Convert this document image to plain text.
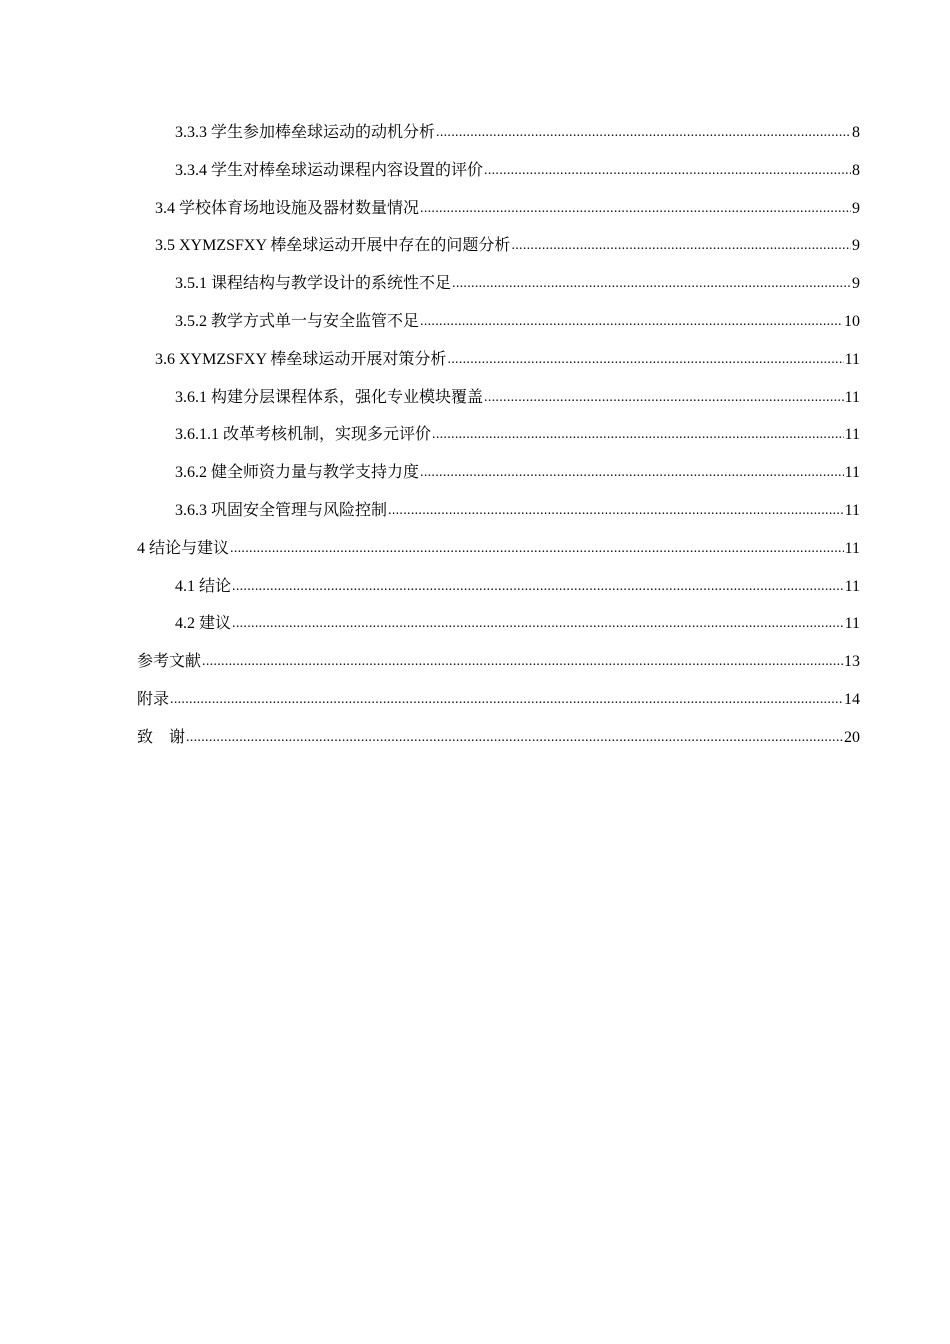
3.3.3 学生参加棒垒球运动的动机分析 .....	8
3.3.4 学生对棒垒球运动课程内容设置的评价 .....	8
3.4 学校体育场地设施及器材数量情况 .....	9
3.5 XYMZSFXY 棒垒球运动开展中存在的问题分析 .....	9
3.5.1 课程结构与教学设计的系统性不足 .....	9
3.5.2 教学方式单一与安全监管不足 .....	10
3.6 XYMZSFXY 棒垒球运动开展对策分析 .....	11
3.6.1 构建分层课程体系，强化专业模块覆盖 .....	11
3.6.1.1 改革考核机制，实现多元评价 .....	11
3.6.2 健全师资力量与教学支持力度 .....	11
3.6.3 巩固安全管理与风险控制 .....	11
4 结论与建议 .....	11
4.1 结论 .....	11
4.2 建议 .....	11
参考文献 .....	13
附录 .....	14
致    谢 .....	20
